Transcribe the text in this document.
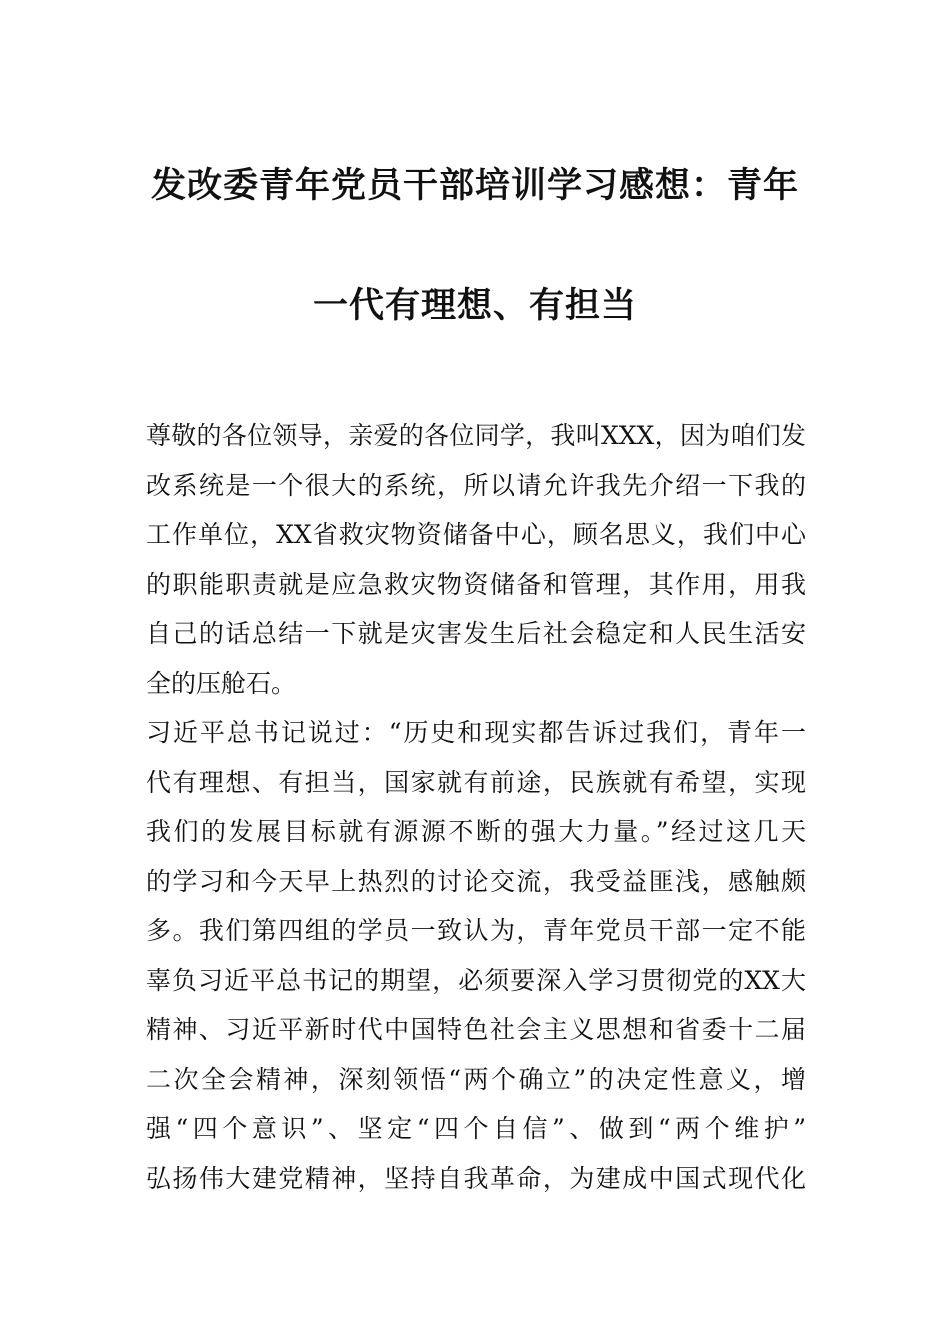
发改委青年党员干部培训学习感想：青年
一代有理想、有担当
尊敬的各位领导，亲爱的各位同学，我叫XXX，因为咱们发
改系统是一个很大的系统，所以请允许我先介绍一下我的
工作单位，XX省救灾物资储备中心，顾名思义，我们中心
的职能职责就是应急救灾物资储备和管理，其作用，用我
自己的话总结一下就是灾害发生后社会稳定和人民生活安
全的压舱石。
习近平总书记说过：“历史和现实都告诉过我们，青年一
代有理想、有担当，国家就有前途，民族就有希望，实现
我们的发展目标就有源源不断的强大力量。”经过这几天
的学习和今天早上热烈的讨论交流，我受益匪浅，感触颇
多。我们第四组的学员一致认为，青年党员干部一定不能
辜负习近平总书记的期望，必须要深入学习贯彻党的XX大
精神、习近平新时代中国特色社会主义思想和省委十二届
二次全会精神，深刻领悟“两个确立”的决定性意义，增
强“四个意识”、坚定“四个自信”、做到“两个维护”
弘扬伟大建党精神，坚持自我革命，为建成中国式现代化
